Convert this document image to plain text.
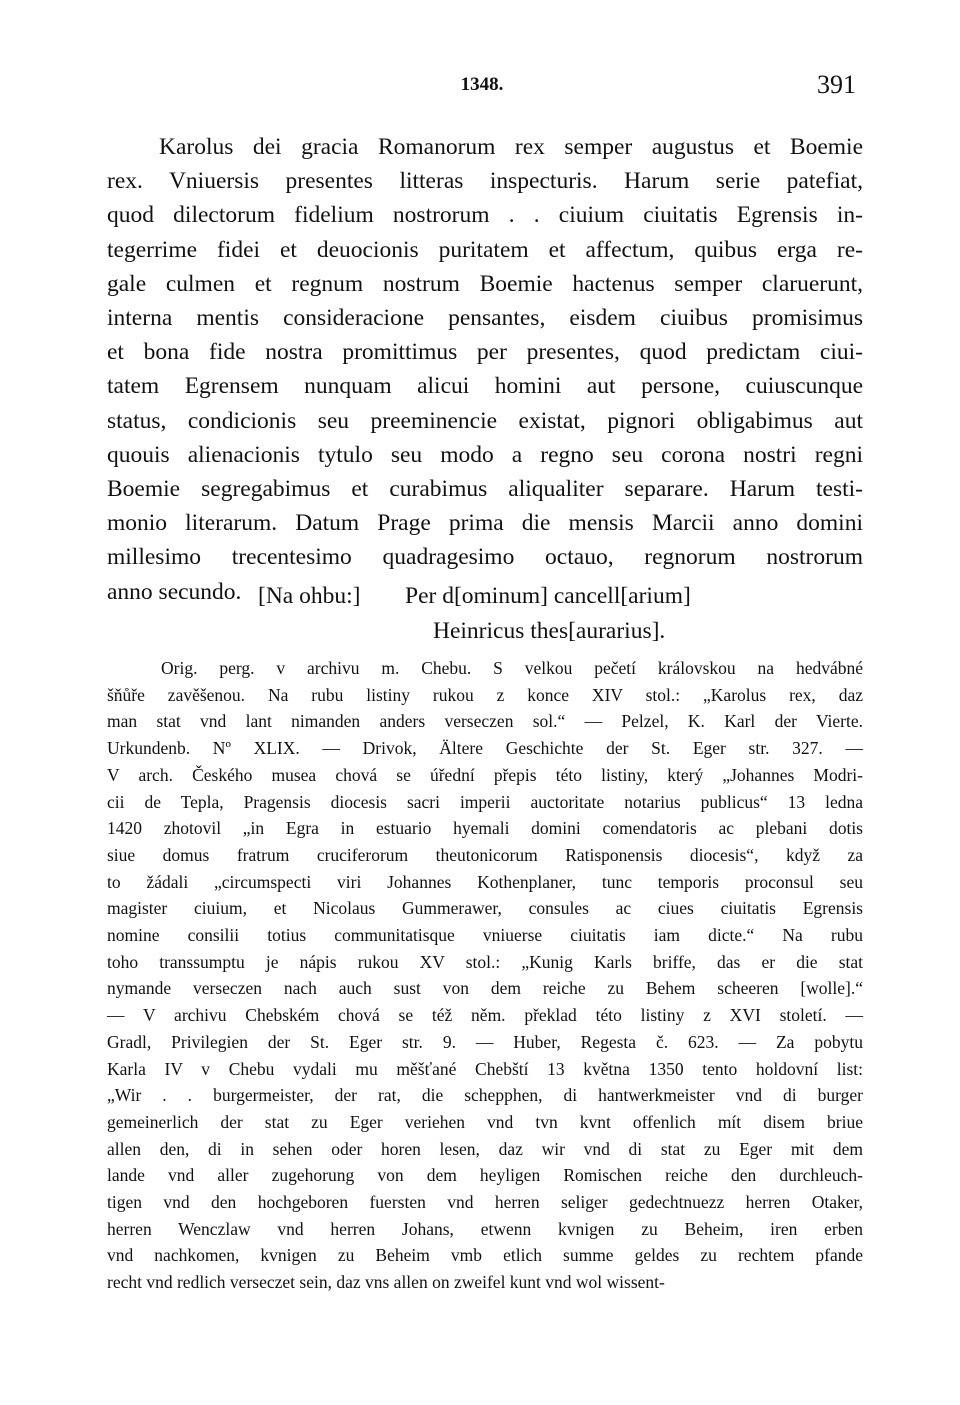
1348.	391
Karolus dei gracia Romanorum rex semper augustus et Boemie
rex. Vniuersis presentes litteras inspecturis. Harum serie patefiat,
quod dilectorum fidelium nostrorum . . ciuium ciuitatis Egrensis in-
tegerrime fidei et deuocionis puritatem et affectum, quibus erga re-
gale culmen et regnum nostrum Boemie hactenus semper claruerunt,
interna mentis consideracione pensantes, eisdem ciuibus promisimus
et bona fide nostra promittimus per presentes, quod predictam ciui-
tatem Egrensem nunquam alicui homini aut persone, cuiuscunque
status, condicionis seu preeminencie existat, pignori obligabimus aut
quouis alienacionis tytulo seu modo a regno seu corona nostri regni
Boemie segregabimus et curabimus aliqualiter separare. Harum testi-
monio literarum. Datum Prage prima die mensis Marcii anno domini
millesimo trecentesimo quadragesimo octauo, regnorum nostrorum
anno secundo. [Na ohbu:] Per d[ominum] cancell[arium]
Heinricus thes[aurarius].
Orig. perg. v archivu m. Chebu. S velkou pečetí královskou na hedvábné
šňůře zavěšenou. Na rubu listiny rukou z konce XIV stol.: „Karolus rex, daz
man stat vnd lant nimanden anders verseczen sol.“ — Pelzel, K. Karl der Vierte.
Urkundenb. Nº XLIX. — Drivok, Ältere Geschichte der St. Eger str. 327. —
V arch. Českého musea chová se úřední přepis této listiny, který „Johannes Modri-
cii de Tepla, Pragensis diocesis sacri imperii auctoritate notarius publicus“ 13 ledna
1420 zhotovil „in Egra in estuario hyemali domini comendatoris ac plebani dotis
siue domus fratrum cruciferorum theutonicorum Ratisponensis diocesis“, když za
to žádali „circumspecti viri Johannes Kothenplaner, tunc temporis proconsul seu
magister ciuium, et Nicolaus Gummerawer, consules ac ciues ciuitatis Egrensis
nomine consilii totius communitatisque vniuerse ciuitatis iam dicte.“ Na rubu
toho transsumptu je nápis rukou XV stol.: „Kunig Karls briffe, das er die stat
nymande verseczen nach auch sust von dem reiche zu Behem scheeren [wolle].“
— V archivu Chebském chová se též něm. překlad této listiny z XVI století. —
Gradl, Privilegien der St. Eger str. 9. — Huber, Regesta č. 623. — Za pobytu
Karla IV v Chebu vydali mu měšťané Chebští 13 května 1350 tento holdovní list:
„Wir . . burgermeister, der rat, die schepphen, di hantwerkmeister vnd di burger
gemeinerlich der stat zu Eger veriehen vnd tvn kvnt offenlich mít disem briue
allen den, di in sehen oder horen lesen, daz wir vnd di stat zu Eger mit dem
lande vnd aller zugehorung von dem heyligen Romischen reiche den durchleuch-
tigen vnd den hochgeboren fuersten vnd herren seliger gedechtnuezz herren Otaker,
herren Wenczlaw vnd herren Johans, etwenn kvnigen zu Beheim, iren erben
vnd nachkomen, kvnigen zu Beheim vmb etlich summe geldes zu rechtem pfande
recht vnd redlich verseczet sein, daz vns allen on zweifel kunt vnd wol wissent-
